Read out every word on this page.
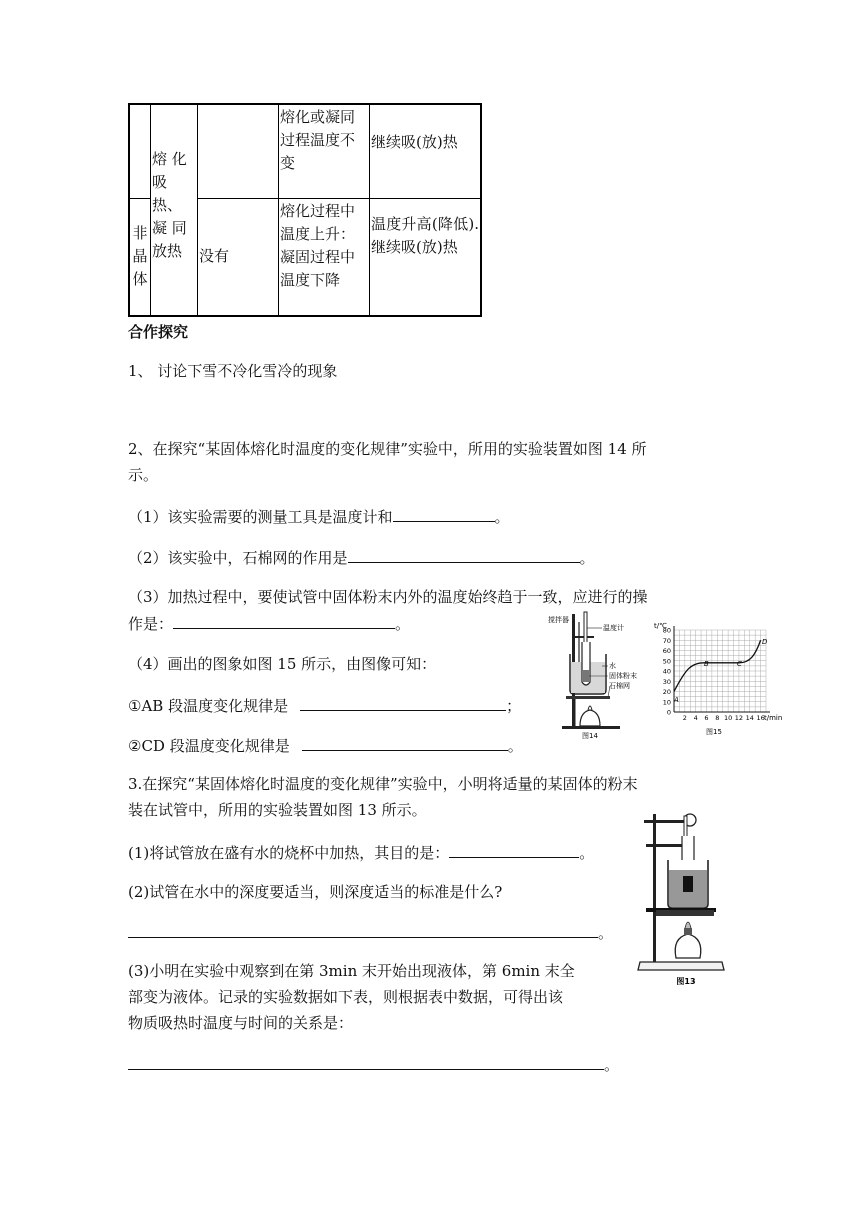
	熔 化 吸热、凝 同 放热		熔化或凝同过程温度不变	继续吸(放)热

非晶体		没有	熔化过程中温度上升：凝固过程中温度下降	温度升高(降低). 继续吸(放)热
合作探究
1、 讨论下雪不冷化雪冷的现象
2、在探究“某固体熔化时温度的变化规律”实验中，所用的实验装置如图 14 所
示。
（1）该实验需要的测量工具是温度计和	。
（2）该实验中，石棉网的作用是	。
（3）加热过程中，要使试管中固体粉末内外的温度始终趋于一致，应进行的操
作是：	。
（4）画出的图象如图 15 所示，由图像可知：
①AB 段温度变化规律是	；
②CD 段温度变化规律是	。
3.在探究“某固体熔化时温度的变化规律”实验中，小明将适量的某固体的粉末
装在试管中，所用的实验装置如图 13 所示。
(1)将试管放在盛有水的烧杯中加热，其目的是：	。
(2)试管在水中的深度要适当，则深度适当的标准是什么?
。
(3)小明在实验中观察到在第 3min 末开始出现液体，第 6min 末全
部变为液体。记录的实验数据如下表，则根据表中数据，可得出该
物质吸热时温度与时间的关系是：
。
搅拌器
温度计
水
固体粉末
石棉网
图14
0
10
20
30
40
50
60
70
80
2 4 6 8 10 12 14 16
t/℃
t/min
A
B	C
D
图15
图13
